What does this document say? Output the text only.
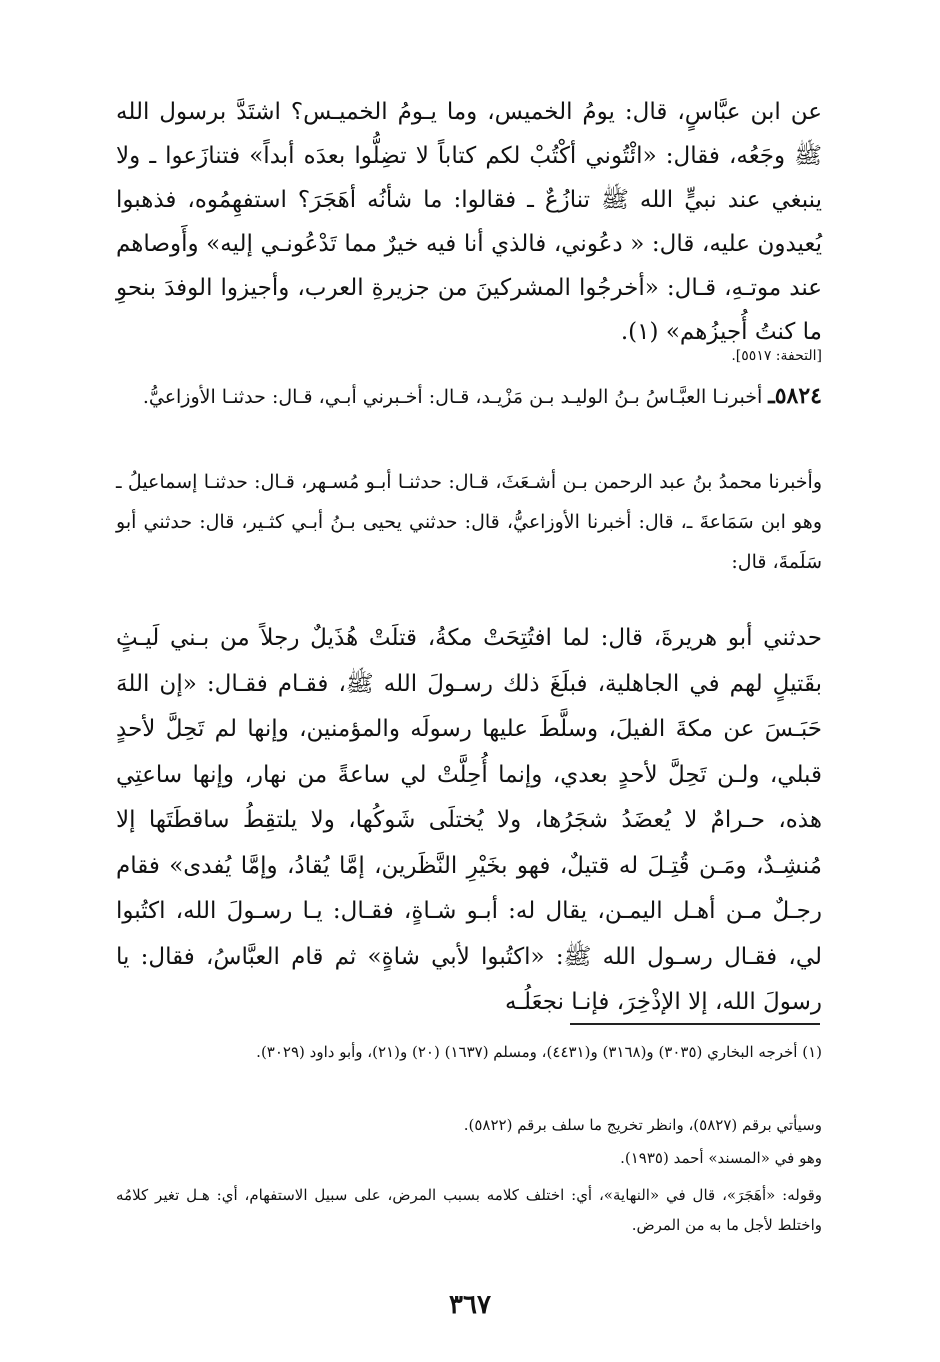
عن ابن عبَّاسٍ، قال: يومُ الخميس، وما يـومُ الخميـس؟ اشتَدَّ برسول الله ﷺ وجَعُه، فقال: «ائْتُوني أكْتُبْ لكم كتاباً لا تضِلُّوا بعدَه أبداً» فتنازَعوا ـ ولا ينبغي عند نبيٍّ الله ﷺ تنازُعٌ ـ فقالوا: ما شأنُه أهَجَرَ؟ استفهِمُوه، فذهبوا يُعيدون عليه، قال: « دعُوني، فالذي أنا فيه خيرٌ مما تَدْعُونـي إليه» وأَوصاهم عند موتـهِ، قـال: «أخرجُوا المشركينَ من جزيرةِ العرب، وأجيزوا الوفدَ بنحوِ ما كنتُ أُجيزُهم» (١).

[التحفة: ٥٥١٧].

٥٨٢٤ـ أخبرنـا العبَّـاسُ بـنُ الوليـد بـن مَزْيـد، قـال: أخـبرني أبـي، قـال: حدثنـا الأوزاعيُّ.

وأخبرنا محمدُ بنُ عبد الرحمن بـن أشـعَثَ، قـال: حدثنـا أبـو مُسـهر، قـال: حدثنـا إسماعيلُ ـ وهو ابن سَمَاعةَ ـ، قال: أخبرنا الأوزاعيُّ، قال: حدثني يحيى بـنُ أبـي كثـير، قال: حدثني أبو سَلَمةَ، قال:

حدثني أبو هريرةَ، قال: لما افتُتِحَتْ مكةُ، قتلَتْ هُذَيلٌ رجلاً من بـني لَيـثٍ بقَتيلٍ لهم في الجاهلية، فبلَغَ ذلك رسـولَ الله ﷺ، فقـام فقـال: «إن اللهَ حَبَـسَ عن مكةَ الفيلَ، وسلَّطَ عليها رسولَه والمؤمنين، وإنها لم تَحِلَّ لأحدٍ قبلي، ولـن تَحِلَّ لأحدٍ بعدي، وإنما أُحِلَّتْ لي ساعةً من نهار، وإنها ساعتِي هذه، حـرامٌ لا يُعضَدُ شجَرُها، ولا يُختلَى شَوكُها، ولا يلتقِطُ ساقطَتَها إلا مُنشِـدٌ، ومَـن قُتِـلَ له قتيلٌ، فهو بخَيْرِ النَّظَرين، إمَّا يُقادُ، وإمَّا يُفدى» فقام رجـلٌ مـن أهـل اليمـن، يقال له: أبـو شـاةٍ، فقـال: يـا رسـولَ الله، اكتُبوا لي، فقـال رسـول الله ﷺ: «اكتُبوا لأبي شاةٍ» ثم قام العبَّاسُ، فقال: يا رسولَ الله، إلا الإذْخِرَ، فإنـا نجعَلُـه

(١) أخرجه البخاري (٣٠٣٥) و(٣١٦٨) و(٤٤٣١)، ومسلم (١٦٣٧) (٢٠) و(٢١)، وأبو داود (٣٠٢٩).

وسيأتي برقم (٥٨٢٧)، وانظر تخريج ما سلف برقم (٥٨٢٢).

وهو في «المسند» أحمد (١٩٣٥).

وقوله: «أهَجَرَ»، قال في «النهاية»، أي: اختلف كلامه بسبب المرض، على سبيل الاستفهام، أي: هـل تغير كلامُه واختلط لأجل ما به من المرض.

٣٦٧
